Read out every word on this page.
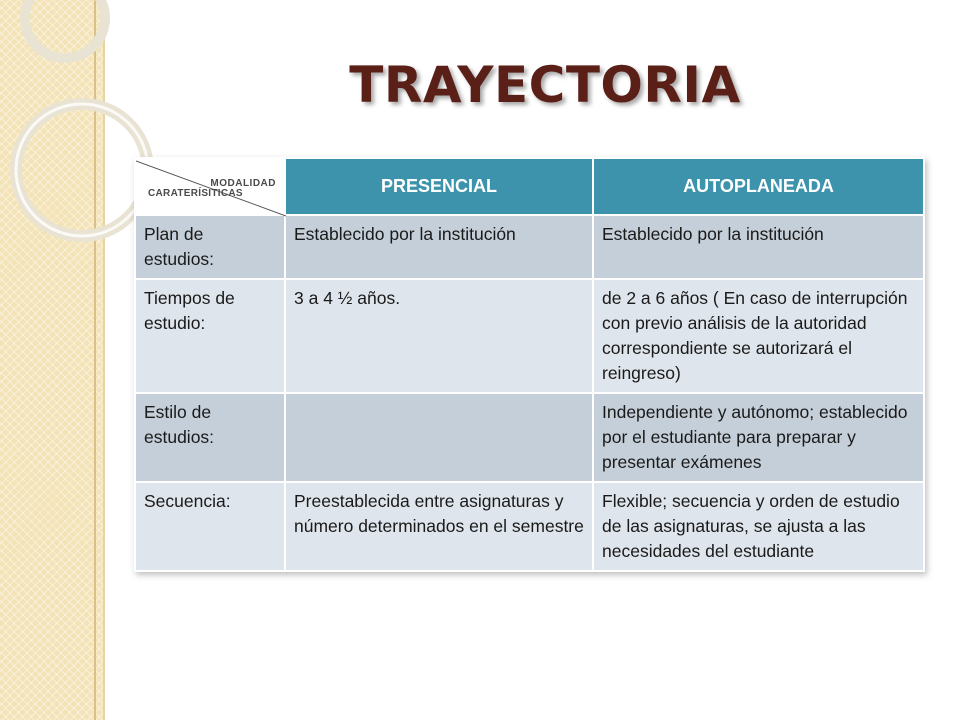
TRAYECTORIA
MODALIDAD
CARATERÍSITICAS	PRESENCIAL	AUTOPLANEADA
Plan de estudios:	Establecido por la institución	Establecido por la institución
Tiempos de estudio:	3 a 4 ½ años.	de 2 a 6 años ( En caso de interrupción con previo análisis de la autoridad correspondiente se autorizará el reingreso)
Estilo de estudios:		Independiente y autónomo; establecido por el estudiante para preparar y presentar exámenes
Secuencia:	Preestablecida entre asignaturas y número determinados en el semestre	Flexible; secuencia y orden de estudio de las asignaturas, se ajusta a las necesidades del estudiante
